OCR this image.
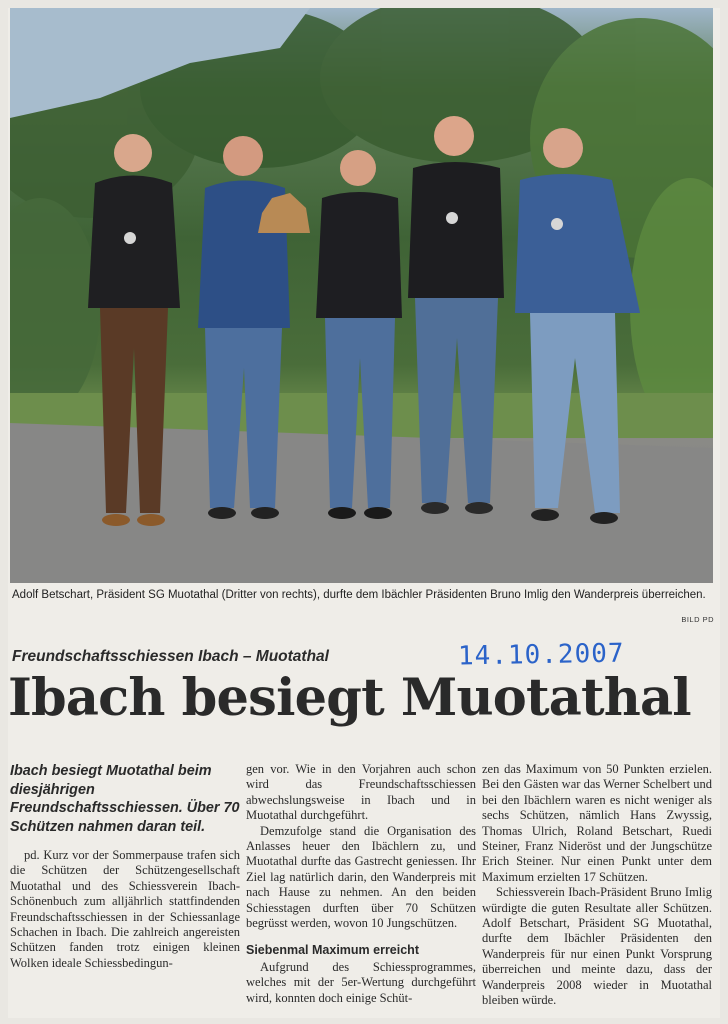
Adolf Betschart, Präsident SG Muotathal (Dritter von rechts), durfte dem Ibächler Präsidenten Bruno Imlig den Wanderpreis überreichen.
BILD PD
Freundschaftsschiessen Ibach – Muotathal	14.10.2007
Ibach besiegt Muotathal
Ibach besiegt Muotathal beim diesjährigen Freundschaftsschiessen. Über 70 Schützen nahmen daran teil.

pd. Kurz vor der Sommerpause trafen sich die Schützen der Schützengesellschaft Muotathal und des Schiessverein Ibach-Schönenbuch zum alljährlich stattfindenden Freundschaftsschiessen in der Schiessanlage Schachen in Ibach. Die zahlreich angereisten Schützen fanden trotz einigen kleinen Wolken ideale Schiessbedingun-

gen vor. Wie in den Vorjahren auch schon wird das Freundschaftsschiessen abwechslungsweise in Ibach und in Muotathal durchgeführt.

Demzufolge stand die Organisation des Anlasses heuer den Ibächlern zu, und Muotathal durfte das Gastrecht geniessen. Ihr Ziel lag natürlich darin, den Wanderpreis mit nach Hause zu nehmen. An den beiden Schiesstagen durften über 70 Schützen begrüsst werden, wovon 10 Jungschützen.

Siebenmal Maximum erreicht

Aufgrund des Schiessprogrammes, welches mit der 5er-Wertung durchgeführt wird, konnten doch einige Schüt-

zen das Maximum von 50 Punkten erzielen. Bei den Gästen war das Werner Schelbert und bei den Ibächlern waren es nicht weniger als sechs Schützen, nämlich Hans Zwyssig, Thomas Ulrich, Roland Betschart, Ruedi Steiner, Franz Nideröst und der Jungschütze Erich Steiner. Nur einen Punkt unter dem Maximum erzielten 17 Schützen.

Schiessverein Ibach-Präsident Bruno Imlig würdigte die guten Resultate aller Schützen. Adolf Betschart, Präsident SG Muotathal, durfte dem Ibächler Präsidenten den Wanderpreis für nur einen Punkt Vorsprung überreichen und meinte dazu, dass der Wanderpreis 2008 wieder in Muotathal bleiben würde.
